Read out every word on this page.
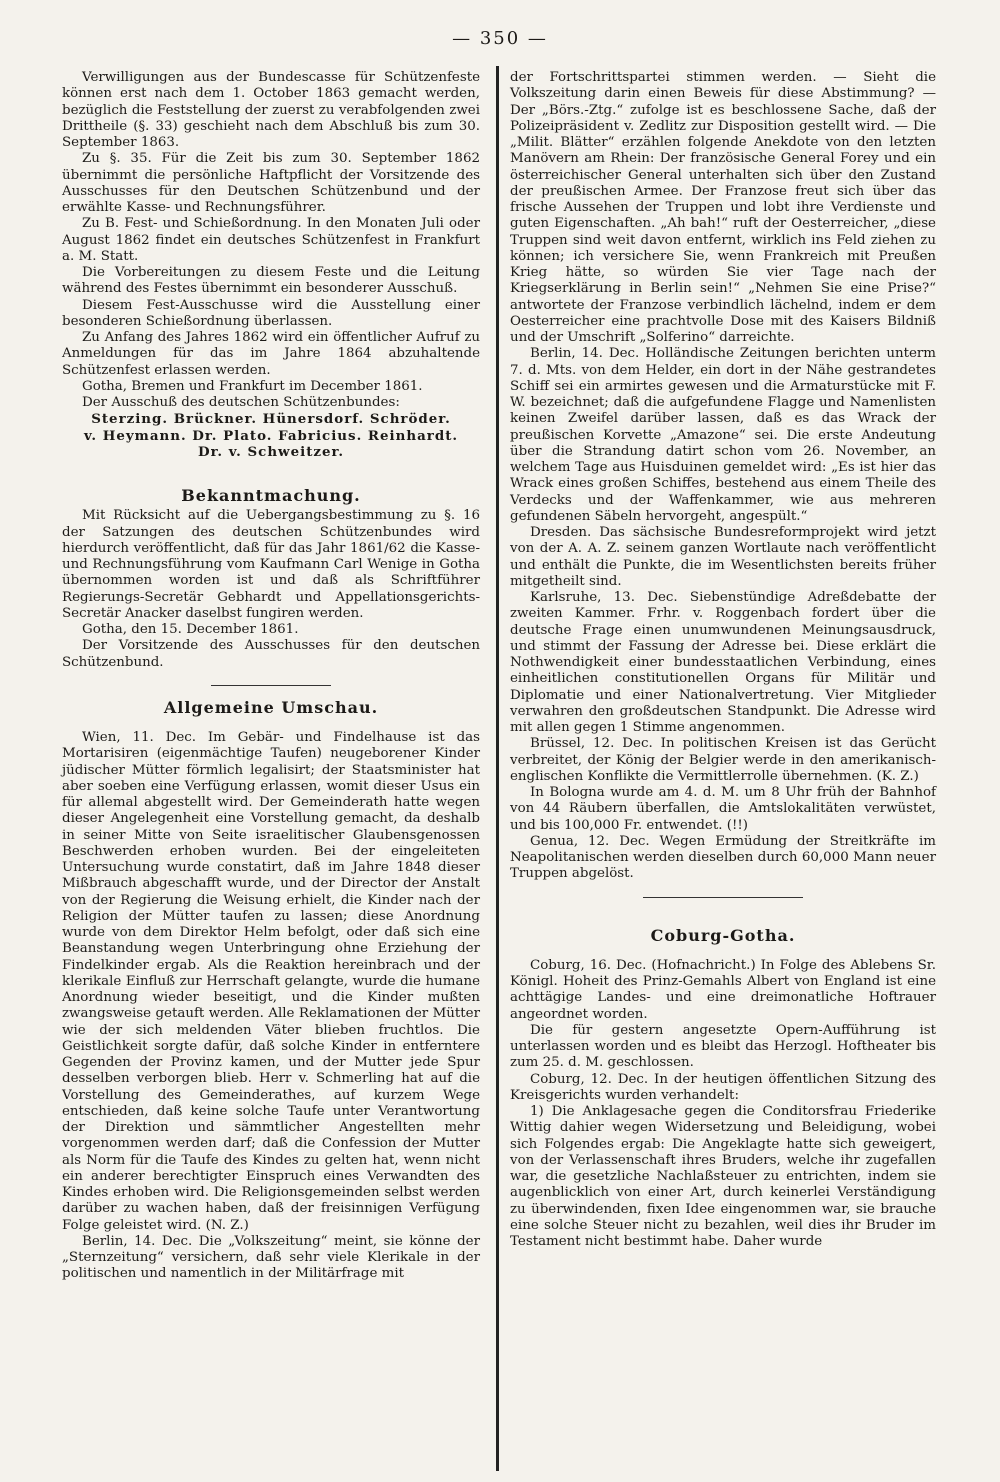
— 350 —

Verwilligungen aus der Bundescasse für Schützenfeste können erst nach dem 1. October 1863 gemacht werden, bezüglich die Feststellung der zuerst zu verabfolgenden zwei Drittheile (§. 33) geschieht nach dem Abschluß bis zum 30. September 1863.

Zu §. 35. Für die Zeit bis zum 30. September 1862 übernimmt die persönliche Haftpflicht der Vorsitzende des Ausschusses für den Deutschen Schützenbund und der erwählte Kasse- und Rechnungsführer.

Zu B. Fest- und Schießordnung. In den Monaten Juli oder August 1862 findet ein deutsches Schützenfest in Frankfurt a. M. Statt.

Die Vorbereitungen zu diesem Feste und die Leitung während des Festes übernimmt ein besonderer Ausschuß.

Diesem Fest-Ausschusse wird die Ausstellung einer besonderen Schießordnung überlassen.

Zu Anfang des Jahres 1862 wird ein öffentlicher Aufruf zu Anmeldungen für das im Jahre 1864 abzuhaltende Schützenfest erlassen werden.

Gotha, Bremen und Frankfurt im December 1861.

Der Ausschuß des deutschen Schützenbundes:

Sterzing. Brückner. Hünersdorf. Schröder.

v. Heymann. Dr. Plato. Fabricius. Reinhardt.

Dr. v. Schweitzer.

Bekanntmachung.

Mit Rücksicht auf die Uebergangsbestimmung zu §. 16 der Satzungen des deutschen Schützenbundes wird hierdurch veröffentlicht, daß für das Jahr 1861/62 die Kasse- und Rechnungsführung vom Kaufmann Carl Wenige in Gotha übernommen worden ist und daß als Schriftführer Regierungs-Secretär Gebhardt und Appellationsgerichts-Secretär Anacker daselbst fungiren werden.

Gotha, den 15. December 1861.

Der Vorsitzende des Ausschusses für den deutschen Schützenbund.

Allgemeine Umschau.

Wien, 11. Dec. Im Gebär- und Findelhause ist das Mortarisiren (eigenmächtige Taufen) neugeborener Kinder jüdischer Mütter förmlich legalisirt; der Staatsminister hat aber soeben eine Verfügung erlassen, womit dieser Usus ein für allemal abgestellt wird. Der Gemeinderath hatte wegen dieser Angelegenheit eine Vorstellung gemacht, da deshalb in seiner Mitte von Seite israelitischer Glaubensgenossen Beschwerden erhoben wurden. Bei der eingeleiteten Untersuchung wurde constatirt, daß im Jahre 1848 dieser Mißbrauch abgeschafft wurde, und der Director der Anstalt von der Regierung die Weisung erhielt, die Kinder nach der Religion der Mütter taufen zu lassen; diese Anordnung wurde von dem Direktor Helm befolgt, oder daß sich eine Beanstandung wegen Unterbringung ohne Erziehung der Findelkinder ergab. Als die Reaktion hereinbrach und der klerikale Einfluß zur Herrschaft gelangte, wurde die humane Anordnung wieder beseitigt, und die Kinder mußten zwangsweise getauft werden. Alle Reklamationen der Mütter wie der sich meldenden Väter blieben fruchtlos. Die Geistlichkeit sorgte dafür, daß solche Kinder in entferntere Gegenden der Provinz kamen, und der Mutter jede Spur desselben verborgen blieb. Herr v. Schmerling hat auf die Vorstellung des Gemeinderathes, auf kurzem Wege entschieden, daß keine solche Taufe unter Verantwortung der Direktion und sämmtlicher Angestellten mehr vorgenommen werden darf; daß die Confession der Mutter als Norm für die Taufe des Kindes zu gelten hat, wenn nicht ein anderer berechtigter Einspruch eines Verwandten des Kindes erhoben wird. Die Religionsgemeinden selbst werden darüber zu wachen haben, daß der freisinnigen Verfügung Folge geleistet wird. (N. Z.)

Berlin, 14. Dec. Die „Volkszeitung“ meint, sie könne der „Sternzeitung“ versichern, daß sehr viele Klerikale in der politischen und namentlich in der Militärfrage mit

der Fortschrittspartei stimmen werden. — Sieht die Volkszeitung darin einen Beweis für diese Abstimmung? — Der „Börs.-Ztg.“ zufolge ist es beschlossene Sache, daß der Polizeipräsident v. Zedlitz zur Disposition gestellt wird. — Die „Milit. Blätter“ erzählen folgende Anekdote von den letzten Manövern am Rhein: Der französische General Forey und ein österreichischer General unterhalten sich über den Zustand der preußischen Armee. Der Franzose freut sich über das frische Aussehen der Truppen und lobt ihre Verdienste und guten Eigenschaften. „Ah bah!“ ruft der Oesterreicher, „diese Truppen sind weit davon entfernt, wirklich ins Feld ziehen zu können; ich versichere Sie, wenn Frankreich mit Preußen Krieg hätte, so würden Sie vier Tage nach der Kriegserklärung in Berlin sein!“ „Nehmen Sie eine Prise?“ antwortete der Franzose verbindlich lächelnd, indem er dem Oesterreicher eine prachtvolle Dose mit des Kaisers Bildniß und der Umschrift „Solferino“ darreichte.

Berlin, 14. Dec. Holländische Zeitungen berichten unterm 7. d. Mts. von dem Helder, ein dort in der Nähe gestrandetes Schiff sei ein armirtes gewesen und die Armaturstücke mit F. W. bezeichnet; daß die aufgefundene Flagge und Namenlisten keinen Zweifel darüber lassen, daß es das Wrack der preußischen Korvette „Amazone“ sei. Die erste Andeutung über die Strandung datirt schon vom 26. November, an welchem Tage aus Huisduinen gemeldet wird: „Es ist hier das Wrack eines großen Schiffes, bestehend aus einem Theile des Verdecks und der Waffenkammer, wie aus mehreren gefundenen Säbeln hervorgeht, angespült.“

Dresden. Das sächsische Bundesreformprojekt wird jetzt von der A. A. Z. seinem ganzen Wortlaute nach veröffentlicht und enthält die Punkte, die im Wesentlichsten bereits früher mitgetheilt sind.

Karlsruhe, 13. Dec. Siebenstündige Adreßdebatte der zweiten Kammer. Frhr. v. Roggenbach fordert über die deutsche Frage einen unumwundenen Meinungsausdruck, und stimmt der Fassung der Adresse bei. Diese erklärt die Nothwendigkeit einer bundesstaatlichen Verbindung, eines einheitlichen constitutionellen Organs für Militär und Diplomatie und einer Nationalvertretung. Vier Mitglieder verwahren den großdeutschen Standpunkt. Die Adresse wird mit allen gegen 1 Stimme angenommen.

Brüssel, 12. Dec. In politischen Kreisen ist das Gerücht verbreitet, der König der Belgier werde in den amerikanisch-englischen Konflikte die Vermittlerrolle übernehmen. (K. Z.)

In Bologna wurde am 4. d. M. um 8 Uhr früh der Bahnhof von 44 Räubern überfallen, die Amtslokalitäten verwüstet, und bis 100,000 Fr. entwendet. (!!)

Genua, 12. Dec. Wegen Ermüdung der Streitkräfte im Neapolitanischen werden dieselben durch 60,000 Mann neuer Truppen abgelöst.

Coburg-Gotha.

Coburg, 16. Dec. (Hofnachricht.) In Folge des Ablebens Sr. Königl. Hoheit des Prinz-Gemahls Albert von England ist eine achttägige Landes- und eine dreimonatliche Hoftrauer angeordnet worden.

Die für gestern angesetzte Opern-Aufführung ist unterlassen worden und es bleibt das Herzogl. Hoftheater bis zum 25. d. M. geschlossen.

Coburg, 12. Dec. In der heutigen öffentlichen Sitzung des Kreisgerichts wurden verhandelt:

1) Die Anklagesache gegen die Conditorsfrau Friederike Wittig dahier wegen Widersetzung und Beleidigung, wobei sich Folgendes ergab: Die Angeklagte hatte sich geweigert, von der Verlassenschaft ihres Bruders, welche ihr zugefallen war, die gesetzliche Nachlaßsteuer zu entrichten, indem sie augenblicklich von einer Art, durch keinerlei Verständigung zu überwindenden, fixen Idee eingenommen war, sie brauche eine solche Steuer nicht zu bezahlen, weil dies ihr Bruder im Testament nicht bestimmt habe. Daher wurde
